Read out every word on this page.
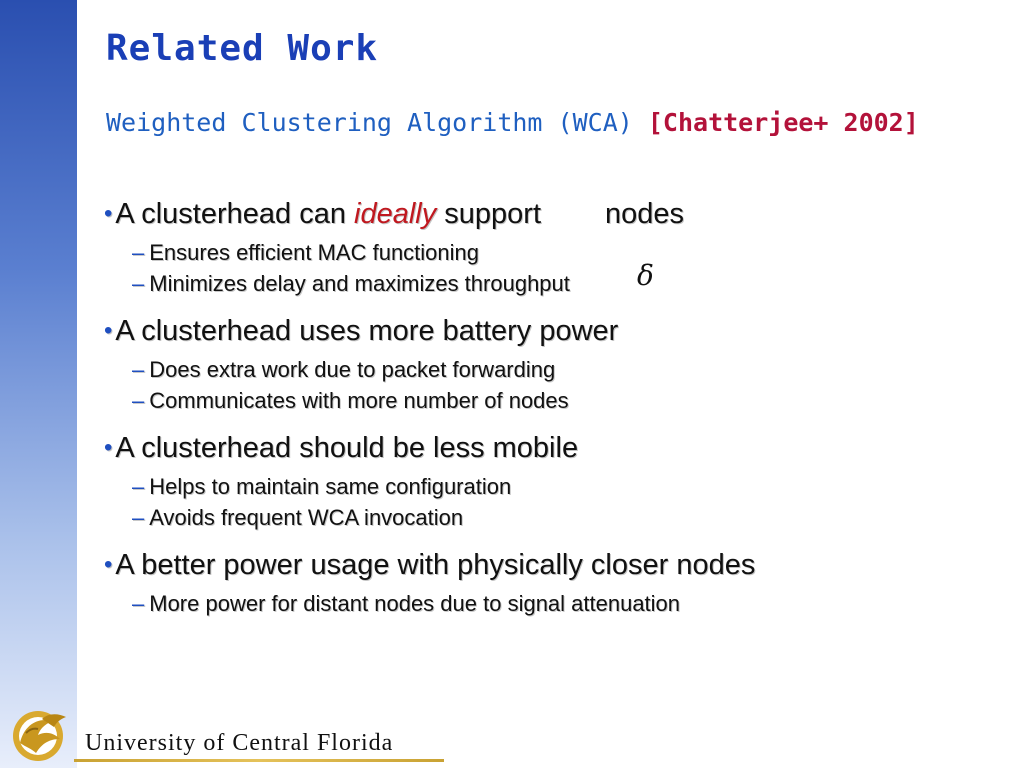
Related Work
Weighted Clustering Algorithm (WCA) [Chatterjee+ 2002]
• A clusterhead can ideally support nodes
– Ensures efficient MAC functioning
– Minimizes delay and maximizes throughput
• A clusterhead uses more battery power
– Does extra work due to packet forwarding
– Communicates with more number of nodes
• A clusterhead should be less mobile
– Helps to maintain same configuration
– Avoids frequent WCA invocation
• A better power usage with physically closer nodes
– More power for distant nodes due to signal attenuation
δ
University of Central Florida
